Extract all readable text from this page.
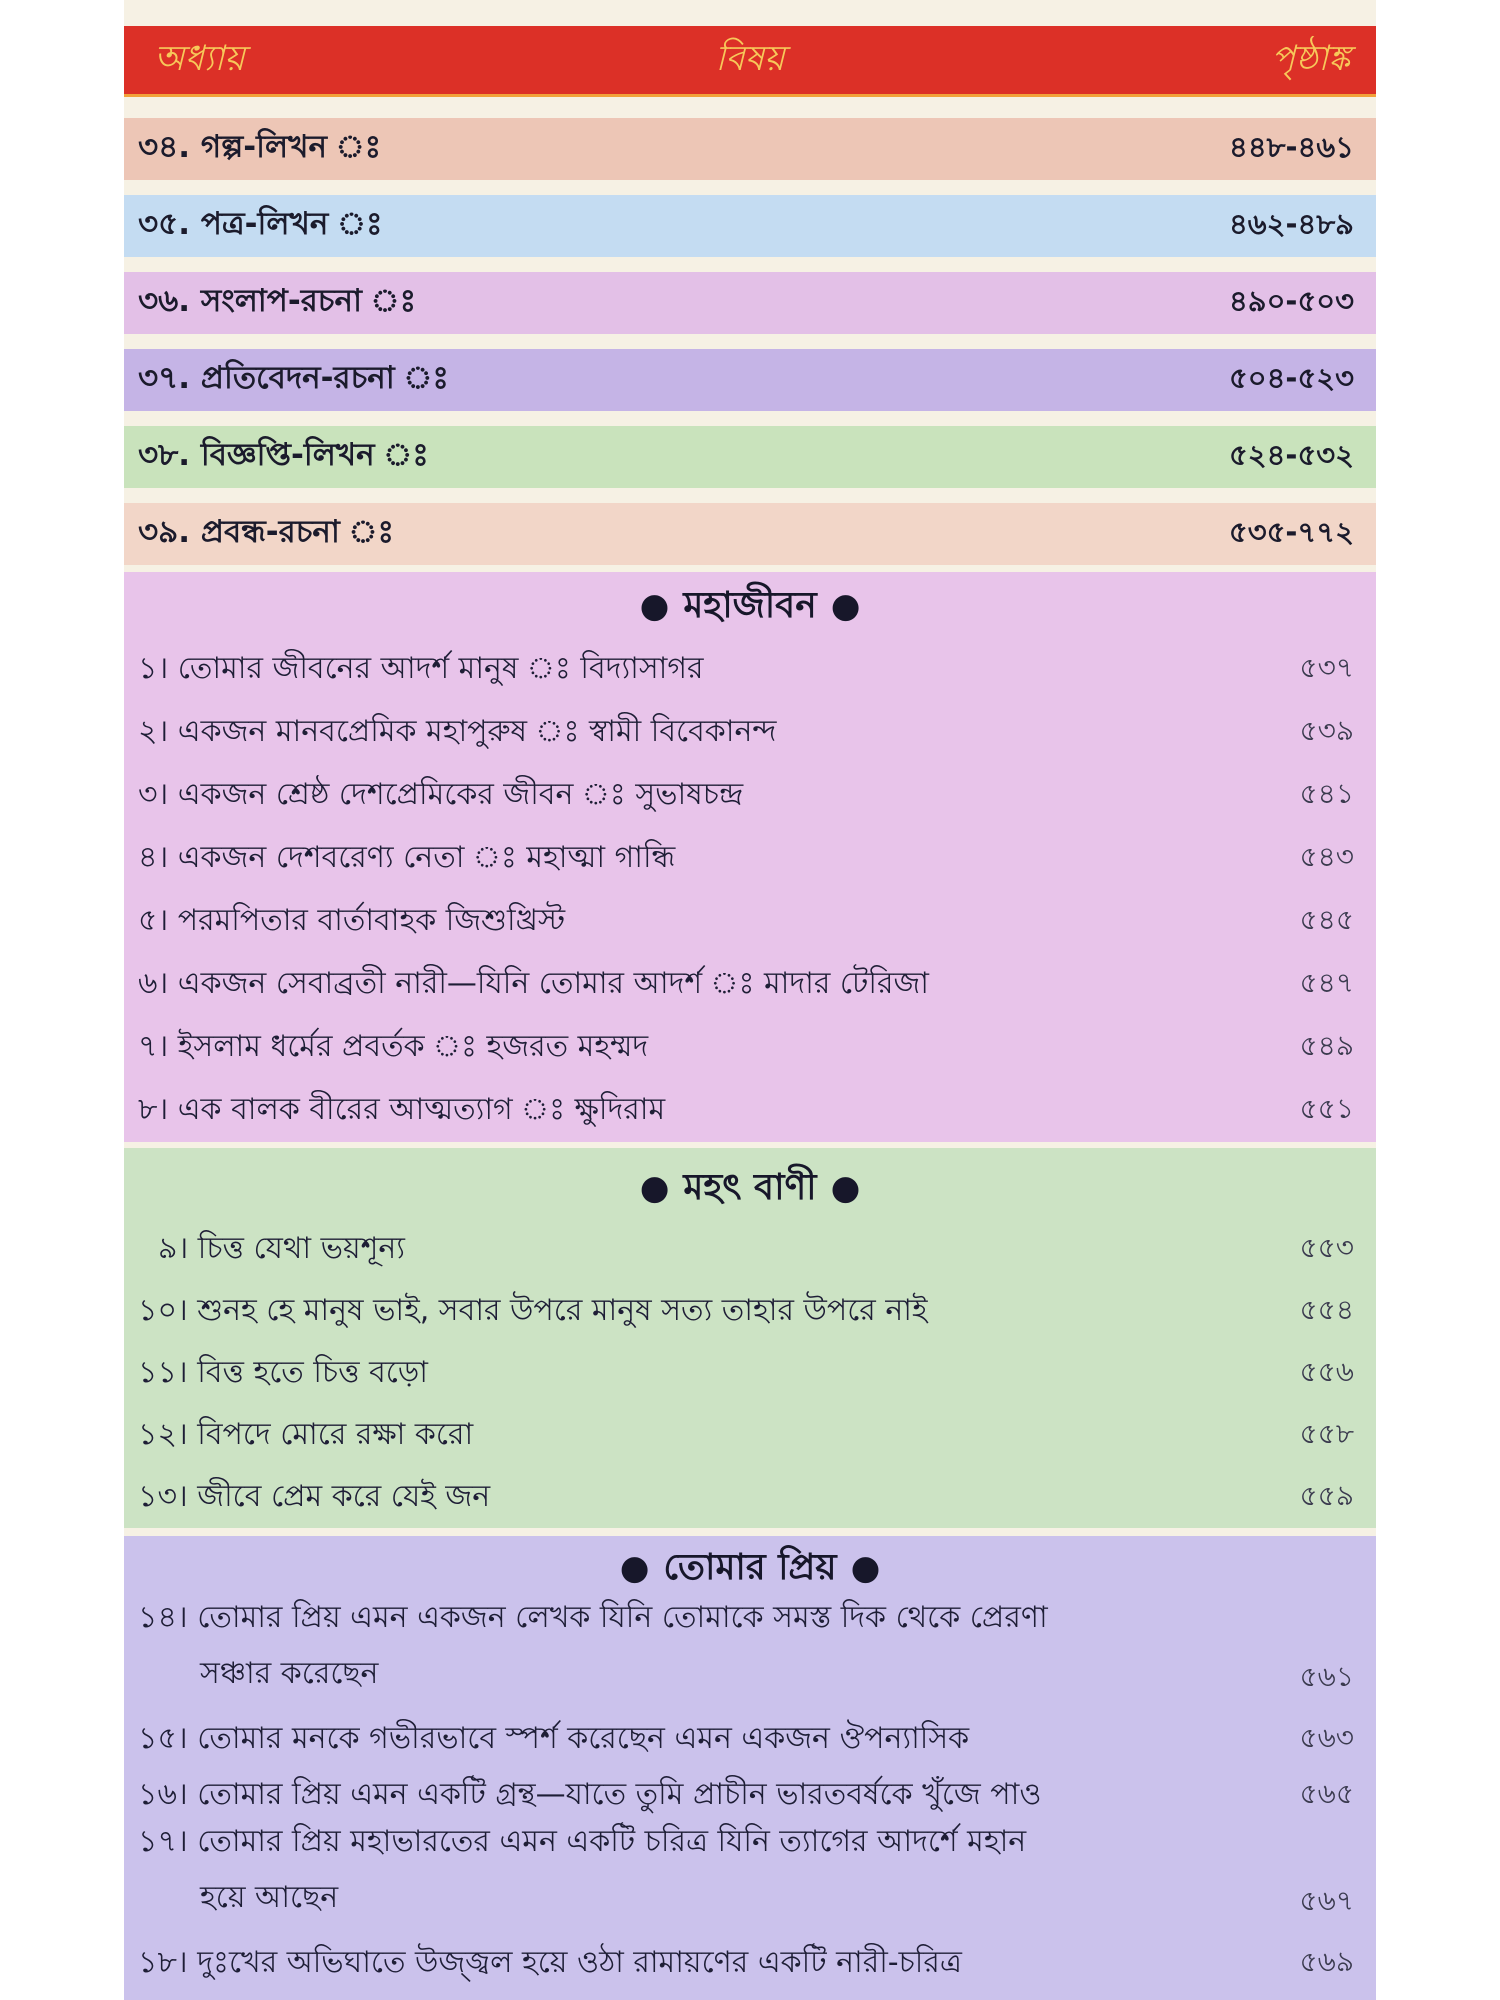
অধ্যায়	বিষয়	পৃষ্ঠাঙ্ক
৩৪. গল্প-লিখন ঃ	৪৪৮-৪৬১
৩৫. পত্র-লিখন ঃ	৪৬২-৪৮৯
৩৬. সংলাপ-রচনা ঃ	৪৯০-৫০৩
৩৭. প্রতিবেদন-রচনা ঃ	৫০৪-৫২৩
৩৮. বিজ্ঞপ্তি-লিখন ঃ	৫২৪-৫৩২
৩৯. প্রবন্ধ-রচনা ঃ	৫৩৫-৭৭২
● মহাজীবন ●
১। তোমার জীবনের আদর্শ মানুষ ঃ বিদ্যাসাগর	৫৩৭
২। একজন মানবপ্রেমিক মহাপুরুষ ঃ স্বামী বিবেকানন্দ	৫৩৯
৩। একজন শ্রেষ্ঠ দেশপ্রেমিকের জীবন ঃ সুভাষচন্দ্র	৫৪১
৪। একজন দেশবরেণ্য নেতা ঃ মহাত্মা গান্ধি	৫৪৩
৫। পরমপিতার বার্তাবাহক জিশুখ্রিস্ট	৫৪৫
৬। একজন সেবাব্রতী নারী—যিনি তোমার আদর্শ ঃ মাদার টেরিজা	৫৪৭
৭। ইসলাম ধর্মের প্রবর্তক ঃ হজরত মহম্মদ	৫৪৯
৮। এক বালক বীরের আত্মত্যাগ ঃ ক্ষুদিরাম	৫৫১
● মহৎ বাণী ●
৯। চিত্ত যেথা ভয়শূন্য	৫৫৩
১০। শুনহ হে মানুষ ভাই, সবার উপরে মানুষ সত্য তাহার উপরে নাই	৫৫৪
১১। বিত্ত হতে চিত্ত বড়ো	৫৫৬
১২। বিপদে মোরে রক্ষা করো	৫৫৮
১৩। জীবে প্রেম করে যেই জন	৫৫৯
● তোমার প্রিয় ●
১৪। তোমার প্রিয় এমন একজন লেখক যিনি তোমাকে সমস্ত দিক থেকে প্রেরণা
সঞ্চার করেছেন	৫৬১
১৫। তোমার মনকে গভীরভাবে স্পর্শ করেছেন এমন একজন ঔপন্যাসিক	৫৬৩
১৬। তোমার প্রিয় এমন একটি গ্রন্থ—যাতে তুমি প্রাচীন ভারতবর্ষকে খুঁজে পাও	৫৬৫
১৭। তোমার প্রিয় মহাভারতের এমন একটি চরিত্র যিনি ত্যাগের আদর্শে মহান
হয়ে আছেন	৫৬৭
১৮। দুঃখের অভিঘাতে উজ্জ্বল হয়ে ওঠা রামায়ণের একটি নারী-চরিত্র	৫৬৯
